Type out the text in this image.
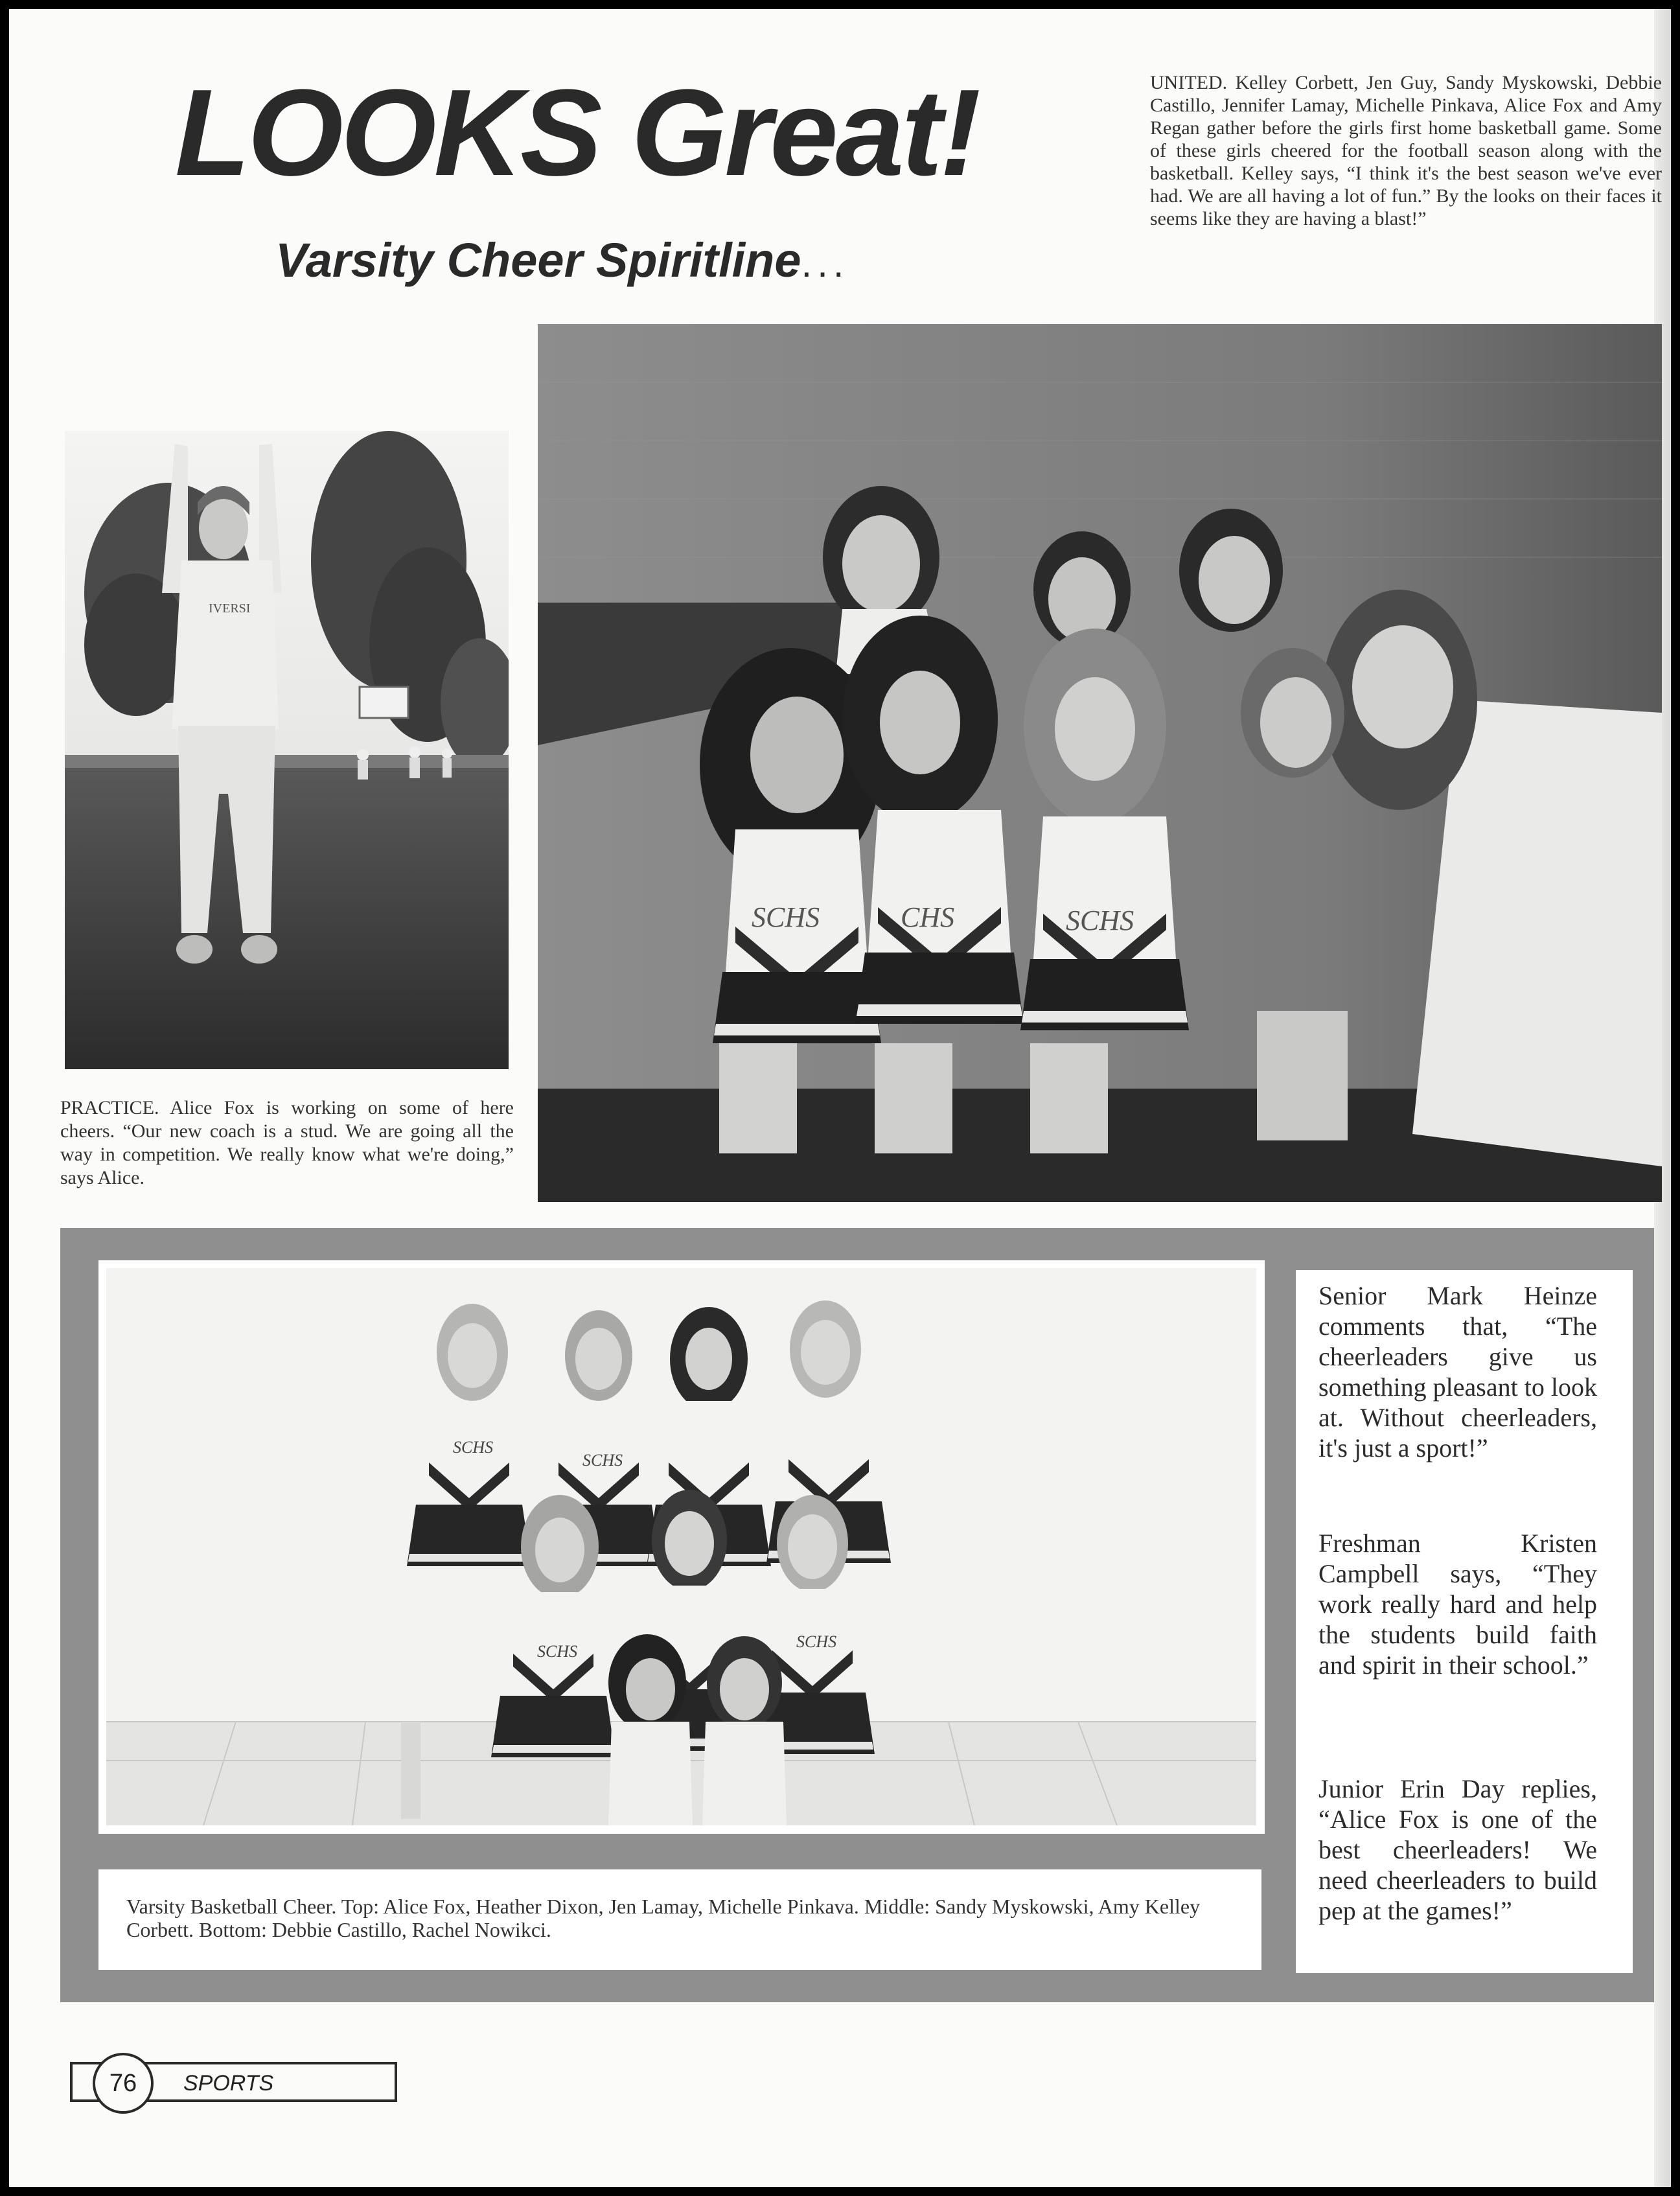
LOOKS Great!
Varsity Cheer Spiritline...
UNITED. Kelley Corbett, Jen Guy, Sandy Myskowski, Debbie Castillo, Jennifer Lamay, Michelle Pinkava, Alice Fox and Amy Regan gather before the girls first home basketball game. Some of these girls cheered for the football season along with the basketball. Kelley says, “I think it's the best season we've ever had. We are all having a lot of fun.” By the looks on their faces it seems like they are having a blast!”
IVERSI
PRACTICE. Alice Fox is working on some of here cheers. “Our new coach is a stud. We are going all the way in competition. We really know what we're doing,” says Alice.
SCHS	CHS	SCHS
SCHS
SCHS
SCHS
SCHS
Varsity Basketball Cheer. Top: Alice Fox, Heather Dixon, Jen Lamay, Michelle Pinkava. Middle: Sandy Myskowski, Amy Kelley Corbett. Bottom: Debbie Castillo, Rachel Nowikci.
Senior Mark Heinze comments that, “The cheerleaders give us something pleasant to look at. Without cheerleaders, it's just a sport!”
Freshman Kristen Campbell says, “They work really hard and help the students build faith and spirit in their school.”
Junior Erin Day replies, “Alice Fox is one of the best cheerleaders! We need cheerleaders to build pep at the games!”
76	SPORTS
